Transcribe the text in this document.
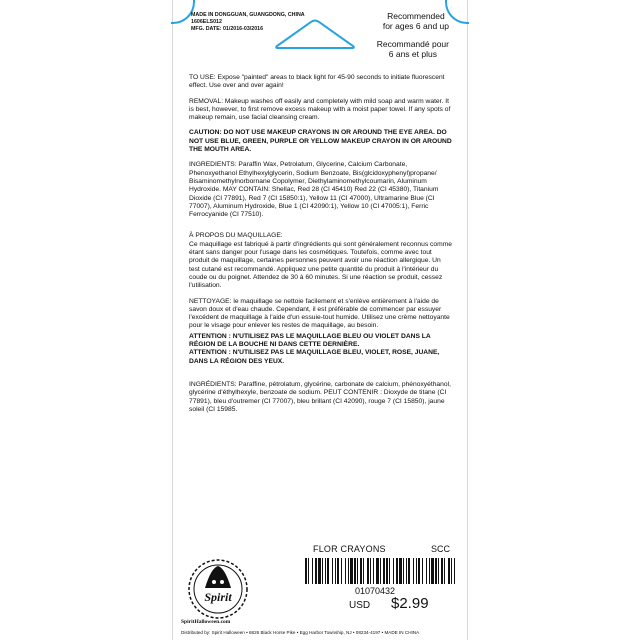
MADE IN DONGGUAN, GUANGDONG, CHINA
1606ELS012
MFG. DATE: 01/2016-03/2016
Recommended
for ages 6 and up
Recommandé pour
6 ans et plus

TO USE: Expose "painted" areas to black light for 45-90 seconds to initiate fluorescent effect. Use over and over again!

REMOVAL: Makeup washes off easily and completely with mild soap and warm water. It is best, however, to first remove excess makeup with a moist paper towel. If any spots of makeup remain, use facial cleansing cream.

CAUTION: DO NOT USE MAKEUP CRAYONS IN OR AROUND THE EYE AREA. DO NOT USE BLUE, GREEN, PURPLE OR YELLOW MAKEUP CRAYON IN OR AROUND THE MOUTH AREA.

INGREDIENTS: Paraffin Wax, Petrolatum, Glycerine, Calcium Carbonate, Phenoxyethanol Ethylhexylglycerin, Sodium Benzoate, Bis(glcidoxyphenyl)propane/ Bisaminomethylnorbornane Copolymer, Diethylaminomethylcoumarin, Aluminum Hydroxide. MAY CONTAIN: Shellac, Red 28 (CI 45410) Red 22 (CI 45380), Titanium Dioxide (CI 77891), Red 7 (CI 15850:1), Yellow 11 (CI 47000), Ultramarine Blue (CI 77007), Aluminum Hydroxide, Blue 1 (CI 42090:1), Yellow 10 (CI 47005:1), Ferric Ferrocyanide (CI 77510).

À PROPOS DU MAQUILLAGE:

Ce maquillage est fabriqué à partir d'ingrédients qui sont généralement reconnus comme étant sans danger pour l'usage dans les cosmétiques. Toutefois, comme avec tout produit de maquillage, certaines personnes peuvent avoir une réaction allergique. Un test cutané est recommandé. Appliquez une petite quantité du produit à l'intérieur du coude ou du poignet. Attendez de 30 à 60 minutes. Si une réaction se produit, cessez l'utilisation.

NETTOYAGE: le maquillage se nettoie facilement et s'enlève entièrement à l'aide de savon doux et d'eau chaude. Cependant, il est préférable de commencer par essuyer l'excédent de maquillage à l'aide d'un essuie-tout humide. Utilisez une crème nettoyante pour le visage pour enlever les restes de maquillage, au besoin.

ATTENTION : N'UTILISEZ PAS LE MAQUILLAGE BLEU OU VIOLET DANS LA RÉGION DE LA BOUCHE NI DANS CETTE DERNIÈRE.

ATTENTION : N'UTILISEZ PAS LE MAQUILLAGE BLEU, VIOLET, ROSE, JUANE, DANS LA RÉGION DES YEUX.

INGRÉDIENTS: Paraffine, pétrolatum, glycérine, carbonate de calcium, phénoxyéthanol, glycérine d'éthylhexyle, benzoate de sodium. PEUT CONTENIR : Dioxyde de titane (CI 77891), bleu d'outremer (CI 77007), bleu brillant (CI 42090), rouge 7 (CI 15850), jaune soleil (CI 15985.

FLOR CRAYONS	SCC
01070432
USD $2.99
Spirit
SpiritHalloween.com
Distributed by: Spirit Halloween • 6826 Black Horse Pike • Egg Harbor Township, NJ • 08234-4197 • MADE IN CHINA
